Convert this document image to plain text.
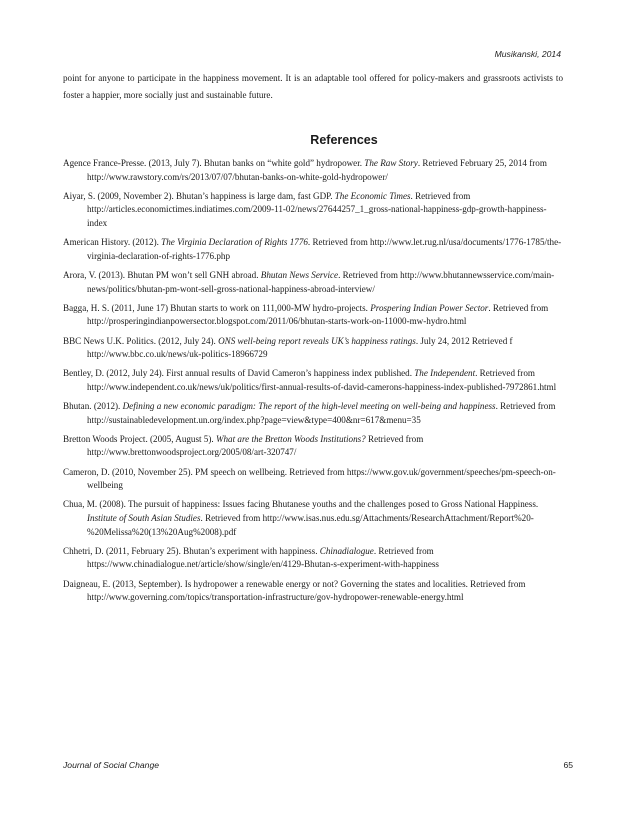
Musikanski, 2014

point for anyone to participate in the happiness movement. It is an adaptable tool offered for policy-makers and grassroots activists to foster a happier, more socially just and sustainable future.

References
Agence France-Presse. (2013, July 7). Bhutan banks on “white gold” hydropower. The Raw Story. Retrieved February 25, 2014 from http://www.rawstory.com/rs/2013/07/07/bhutan-banks-on-white-gold-hydropower/
Aiyar, S. (2009, November 2). Bhutan’s happiness is large dam, fast GDP. The Economic Times. Retrieved from http://articles.economictimes.indiatimes.com/2009-11-02/news/27644257_1_gross-national-happiness-gdp-growth-happiness-index
American History. (2012). The Virginia Declaration of Rights 1776. Retrieved from http://www.let.rug.nl/usa/documents/1776-1785/the-virginia-declaration-of-rights-1776.php
Arora, V. (2013). Bhutan PM won’t sell GNH abroad. Bhutan News Service. Retrieved from http://www.bhutannewsservice.com/main-news/politics/bhutan-pm-wont-sell-gross-national-happiness-abroad-interview/
Bagga, H. S. (2011, June 17) Bhutan starts to work on 111,000-MW hydro-projects. Prospering Indian Power Sector. Retrieved from http://prosperingindianpowersector.blogspot.com/2011/06/bhutan-starts-work-on-11000-mw-hydro.html
BBC News U.K. Politics. (2012, July 24). ONS well-being report reveals UK’s happiness ratings. July 24, 2012 Retrieved f http://www.bbc.co.uk/news/uk-politics-18966729
Bentley, D. (2012, July 24). First annual results of David Cameron’s happiness index published. The Independent. Retrieved from http://www.independent.co.uk/news/uk/politics/first-annual-results-of-david-camerons-happiness-index-published-7972861.html
Bhutan. (2012). Defining a new economic paradigm: The report of the high-level meeting on well-being and happiness. Retrieved from http://sustainabledevelopment.un.org/index.php?page=view&type=400&nr=617&menu=35
Bretton Woods Project. (2005, August 5). What are the Bretton Woods Institutions? Retrieved from http://www.brettonwoodsproject.org/2005/08/art-320747/
Cameron, D. (2010, November 25). PM speech on wellbeing. Retrieved from https://www.gov.uk/government/speeches/pm-speech-on-wellbeing
Chua, M. (2008). The pursuit of happiness: Issues facing Bhutanese youths and the challenges posed to Gross National Happiness. Institute of South Asian Studies. Retrieved from http://www.isas.nus.edu.sg/Attachments/ResearchAttachment/Report%20-%20Melissa%20(13%20Aug%2008).pdf
Chhetri, D. (2011, February 25). Bhutan’s experiment with happiness. Chinadialogue. Retrieved from https://www.chinadialogue.net/article/show/single/en/4129-Bhutan-s-experiment-with-happiness
Daigneau, E. (2013, September). Is hydropower a renewable energy or not? Governing the states and localities. Retrieved from http://www.governing.com/topics/transportation-infrastructure/gov-hydropower-renewable-energy.html
Journal of Social Change	65
